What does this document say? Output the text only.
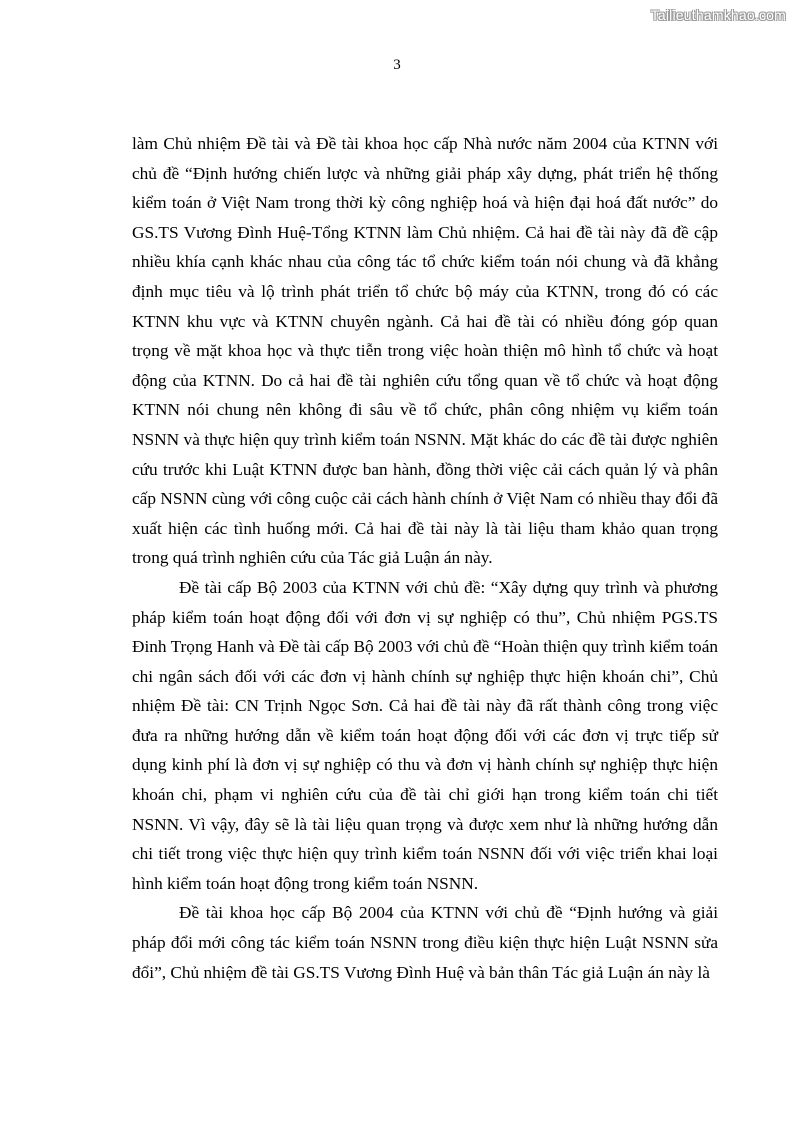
Tailieuthamkhao.com
3

làm Chủ nhiệm Đề tài và Đề tài khoa học cấp Nhà nước năm 2004 của KTNN với chủ đề “Định hướng chiến lược và những giải pháp xây dựng, phát triển hệ thống kiểm toán ở Việt Nam trong thời kỳ công nghiệp hoá và hiện đại hoá đất nước” do GS.TS Vương Đình Huệ-Tổng KTNN làm Chủ nhiệm. Cả hai đề tài này đã đề cập nhiều khía cạnh khác nhau của công tác tổ chức kiểm toán nói chung và đã khẳng định mục tiêu và lộ trình phát triển tổ chức bộ máy của KTNN, trong đó có các KTNN khu vực và KTNN chuyên ngành. Cả hai đề tài có nhiều đóng góp quan trọng về mặt khoa học và thực tiễn trong việc hoàn thiện mô hình tổ chức và hoạt động của KTNN. Do cả hai đề tài nghiên cứu tổng quan về tổ chức và hoạt động KTNN nói chung nên không đi sâu về tổ chức, phân công nhiệm vụ kiểm toán NSNN và thực hiện quy trình kiểm toán NSNN. Mặt khác do các đề tài được nghiên cứu trước khi Luật KTNN được ban hành, đồng thời việc cải cách quản lý và phân cấp NSNN cùng với công cuộc cải cách hành chính ở Việt Nam có nhiều thay đổi đã xuất hiện các tình huống mới. Cả hai đề tài này là tài liệu tham khảo quan trọng trong quá trình nghiên cứu của Tác giả Luận án này.

Đề tài cấp Bộ 2003 của KTNN với chủ đề: “Xây dựng quy trình và phương pháp kiểm toán hoạt động đối với đơn vị sự nghiệp có thu”, Chủ nhiệm PGS.TS Đinh Trọng Hanh và Đề tài cấp Bộ 2003 với chủ đề “Hoàn thiện quy trình kiểm toán chi ngân sách đối với các đơn vị hành chính sự nghiệp thực hiện khoán chi”, Chủ nhiệm Đề tài: CN Trịnh Ngọc Sơn. Cả hai đề tài này đã rất thành công trong việc đưa ra những hướng dẫn về kiểm toán hoạt động đối với các đơn vị trực tiếp sử dụng kinh phí là đơn vị sự nghiệp có thu và đơn vị hành chính sự nghiệp thực hiện khoán chi, phạm vi nghiên cứu của đề tài chỉ giới hạn trong kiểm toán chi tiết NSNN. Vì vậy, đây sẽ là tài liệu quan trọng và được xem như là những hướng dẫn chi tiết trong việc thực hiện quy trình kiểm toán NSNN đối với việc triển khai loại hình kiểm toán hoạt động trong kiểm toán NSNN.

Đề tài khoa học cấp Bộ 2004 của KTNN với chủ đề “Định hướng và giải pháp đổi mới công tác kiểm toán NSNN trong điều kiện thực hiện Luật NSNN sửa đổi”, Chủ nhiệm đề tài GS.TS Vương Đình Huệ và bản thân Tác giả Luận án này là
